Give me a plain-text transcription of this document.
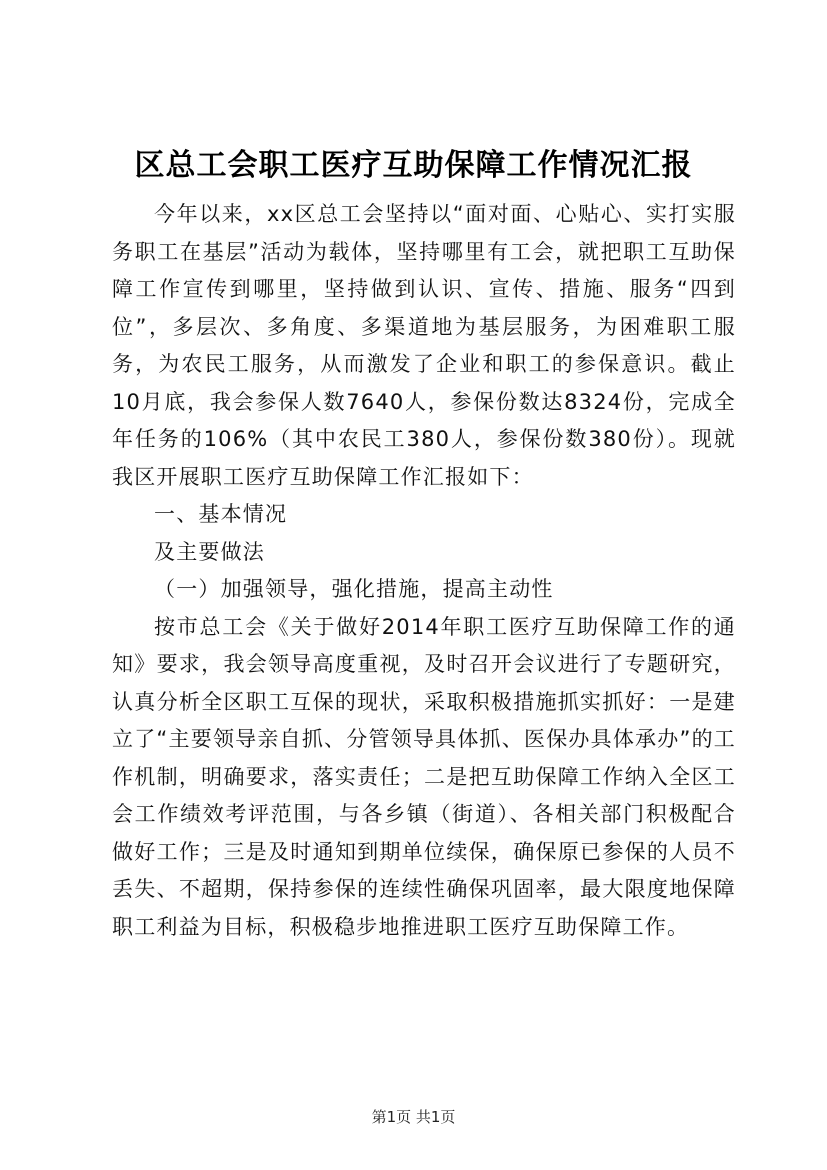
区总工会职工医疗互助保障工作情况汇报

今年以来，xx区总工会坚持以“面对面、心贴心、实打实服务职工在基层”活动为载体，坚持哪里有工会，就把职工互助保障工作宣传到哪里，坚持做到认识、宣传、措施、服务“四到位”，多层次、多角度、多渠道地为基层服务，为困难职工服务，为农民工服务，从而激发了企业和职工的参保意识。截止10月底，我会参保人数7640人，参保份数达8324份，完成全年任务的106%（其中农民工380人，参保份数380份）。现就我区开展职工医疗互助保障工作汇报如下：

一、基本情况

及主要做法

（一）加强领导，强化措施，提高主动性

按市总工会《关于做好2014年职工医疗互助保障工作的通知》要求，我会领导高度重视，及时召开会议进行了专题研究，认真分析全区职工互保的现状，采取积极措施抓实抓好：一是建立了“主要领导亲自抓、分管领导具体抓、医保办具体承办”的工作机制，明确要求，落实责任；二是把互助保障工作纳入全区工会工作绩效考评范围，与各乡镇（街道）、各相关部门积极配合做好工作；三是及时通知到期单位续保，确保原已参保的人员不丢失、不超期，保持参保的连续性确保巩固率，最大限度地保障职工利益为目标，积极稳步地推进职工医疗互助保障工作。

第1页 共1页
